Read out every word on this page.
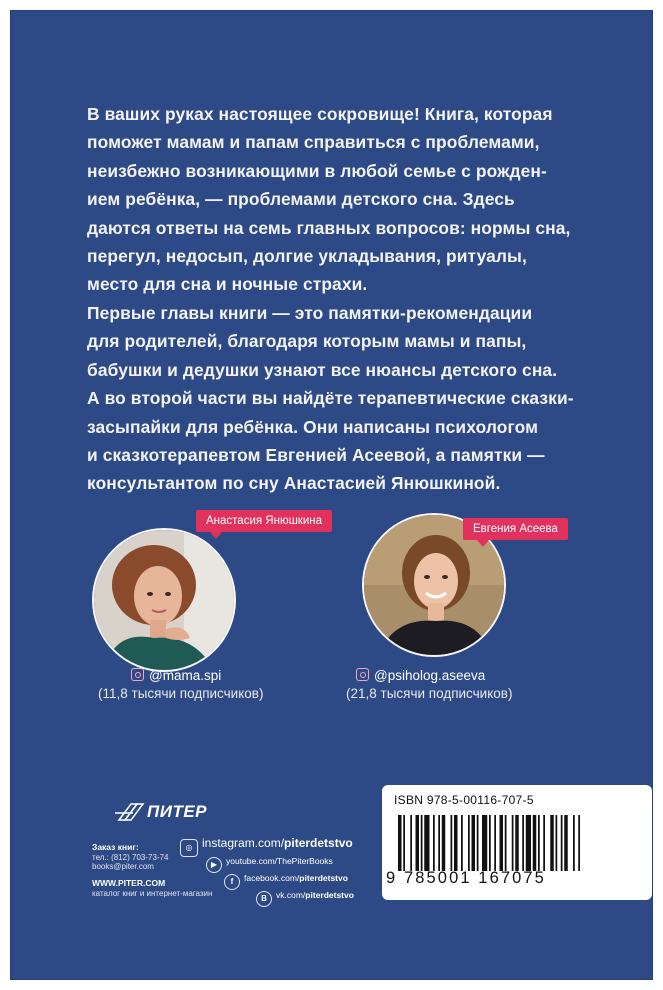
В ваших руках настоящее сокровище! Книга, которая
поможет мамам и папам справиться с проблемами,
неизбежно возникающими в любой семье с рожден-
ием ребёнка, — проблемами детского сна. Здесь
даются ответы на семь главных вопросов: нормы сна,
перегул, недосып, долгие укладывания, ритуалы,
место для сна и ночные страхи.

Первые главы книги — это памятки-рекомендации
для родителей, благодаря которым мамы и папы,
бабушки и дедушки узнают все нюансы детского сна.
А во второй части вы найдёте терапевтические сказки-
засыпайки для ребёнка. Они написаны психологом
и сказкотерапевтом Евгенией Асеевой, а памятки —
консультантом по сну Анастасией Янюшкиной.

Анастасия Янюшкина
@mama.spi
(11,8 тысячи подписчиков)
Евгения Асеева
@psiholog.aseeva
(21,8 тысячи подписчиков)
ПИТЕР
Заказ книг:
тел.: (812) 703-73-74
books@piter.com
WWW.PITER.COM
каталог книг и интернет-магазин
◎ instagram.com/piterdetstvo
▶ youtube.com/ThePiterBooks
f facebook.com/piterdetstvo
B vk.com/piterdetstvo
ISBN 978-5-00116-707-5
9 785001 167075
